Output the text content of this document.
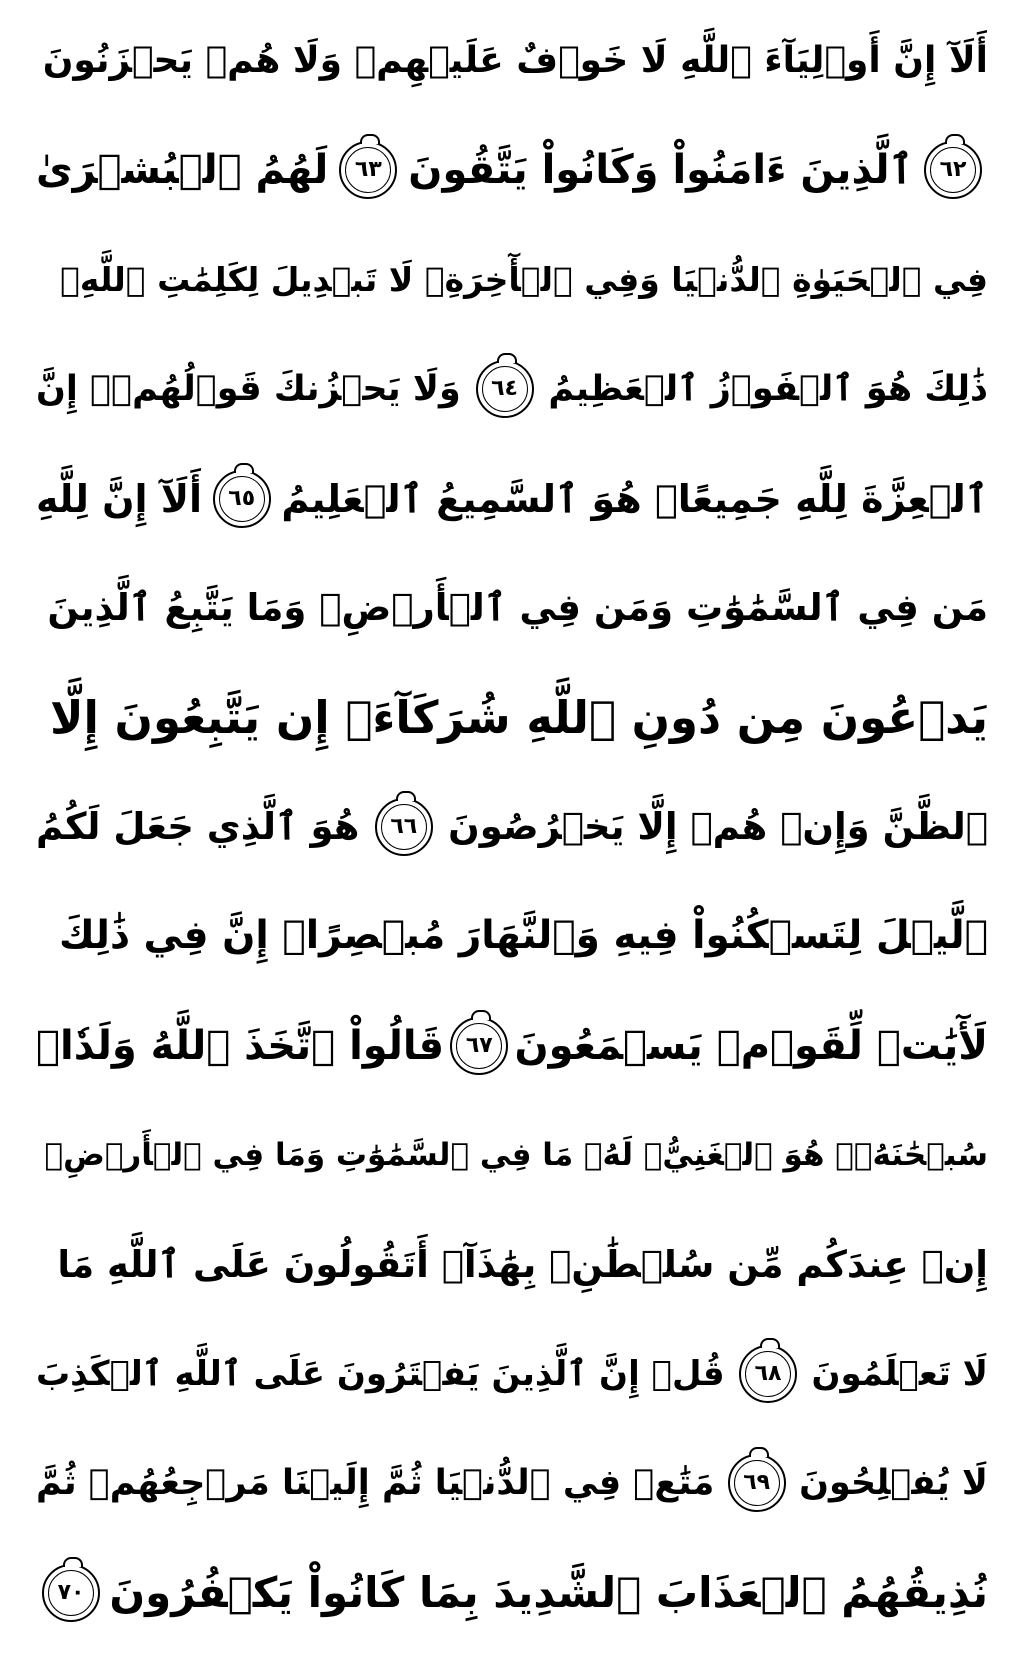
أَلَآ إِنَّ أَوۡلِيَآءَ ٱللَّهِ لَا خَوۡفٌ عَلَيۡهِمۡ وَلَا هُمۡ يَحۡزَنُونَ
٦٢
ٱلَّذِينَ ءَامَنُواْ وَكَانُواْ يَتَّقُونَ
٦٣
لَهُمُ ٱلۡبُشۡرَىٰ
فِي ٱلۡحَيَوٰةِ ٱلدُّنۡيَا وَفِي ٱلۡأٓخِرَةِۚ لَا تَبۡدِيلَ لِكَلِمَٰتِ ٱللَّهِۚ
ذَٰلِكَ هُوَ ٱلۡفَوۡزُ ٱلۡعَظِيمُ
٦٤
وَلَا يَحۡزُنكَ قَوۡلُهُمۡۘ إِنَّ
ٱلۡعِزَّةَ لِلَّهِ جَمِيعًاۚ هُوَ ٱلسَّمِيعُ ٱلۡعَلِيمُ
٦٥
أَلَآ إِنَّ لِلَّهِ
مَن فِي ٱلسَّمَٰوَٰتِ وَمَن فِي ٱلۡأَرۡضِۗ وَمَا يَتَّبِعُ ٱلَّذِينَ
يَدۡعُونَ مِن دُونِ ٱللَّهِ شُرَكَآءَۚ إِن يَتَّبِعُونَ إِلَّا
ٱلظَّنَّ وَإِنۡ هُمۡ إِلَّا يَخۡرُصُونَ
٦٦
هُوَ ٱلَّذِي جَعَلَ لَكُمُ
ٱلَّيۡلَ لِتَسۡكُنُواْ فِيهِ وَٱلنَّهَارَ مُبۡصِرًاۚ إِنَّ فِي ذَٰلِكَ
لَأٓيَٰتٖ لِّقَوۡمٖ يَسۡمَعُونَ
٦٧
قَالُواْ ٱتَّخَذَ ٱللَّهُ وَلَدٗاۗ
سُبۡحَٰنَهُۥۖ هُوَ ٱلۡغَنِيُّۖ لَهُۥ مَا فِي ٱلسَّمَٰوَٰتِ وَمَا فِي ٱلۡأَرۡضِۚ
إِنۡ عِندَكُم مِّن سُلۡطَٰنِۭ بِهَٰذَآۚ أَتَقُولُونَ عَلَى ٱللَّهِ مَا
لَا تَعۡلَمُونَ
٦٨
قُلۡ إِنَّ ٱلَّذِينَ يَفۡتَرُونَ عَلَى ٱللَّهِ ٱلۡكَذِبَ
لَا يُفۡلِحُونَ
٦٩
مَتَٰعٞ فِي ٱلدُّنۡيَا ثُمَّ إِلَيۡنَا مَرۡجِعُهُمۡ ثُمَّ
نُذِيقُهُمُ ٱلۡعَذَابَ ٱلشَّدِيدَ بِمَا كَانُواْ يَكۡفُرُونَ
٧٠
